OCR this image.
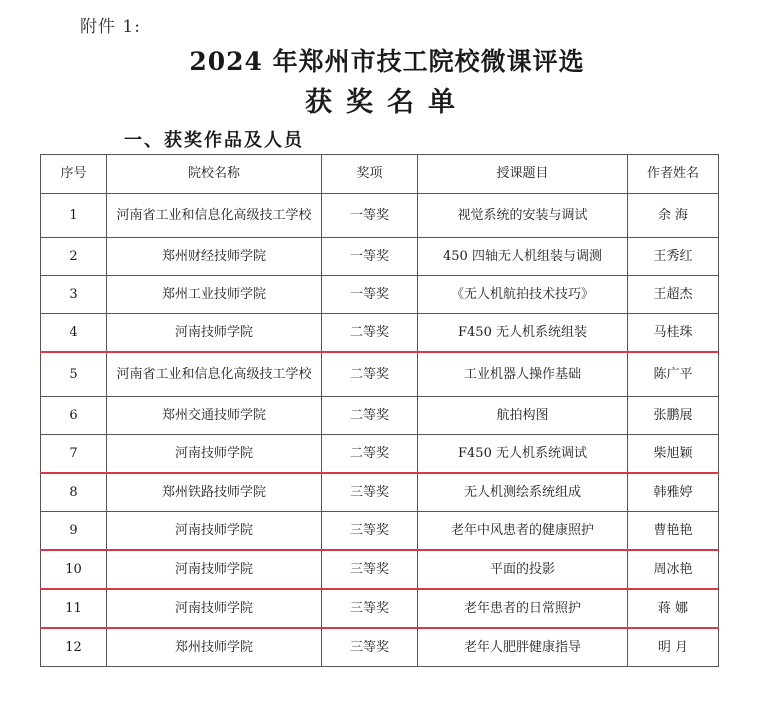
附件 1:
2024 年郑州市技工院校微课评选
获奖名单
一、获奖作品及人员
序号	院校名称	奖项	授课题目	作者姓名
1	河南省工业和信息化高级技工学校	一等奖	视觉系统的安装与调试	余 海
2	郑州财经技师学院	一等奖	450 四轴无人机组装与调测	王秀红
3	郑州工业技师学院	一等奖	《无人机航拍技术技巧》	王超杰
4	河南技师学院	二等奖	F450 无人机系统组装	马桂珠
5	河南省工业和信息化高级技工学校	二等奖	工业机器人操作基础	陈广平
6	郑州交通技师学院	二等奖	航拍构图	张鹏展
7	河南技师学院	二等奖	F450 无人机系统调试	柴旭颖
8	郑州铁路技师学院	三等奖	无人机测绘系统组成	韩雅婷
9	河南技师学院	三等奖	老年中风患者的健康照护	曹艳艳
10	河南技师学院	三等奖	平面的投影	周冰艳
11	河南技师学院	三等奖	老年患者的日常照护	蒋 娜
12	郑州技师学院	三等奖	老年人肥胖健康指导	明 月
